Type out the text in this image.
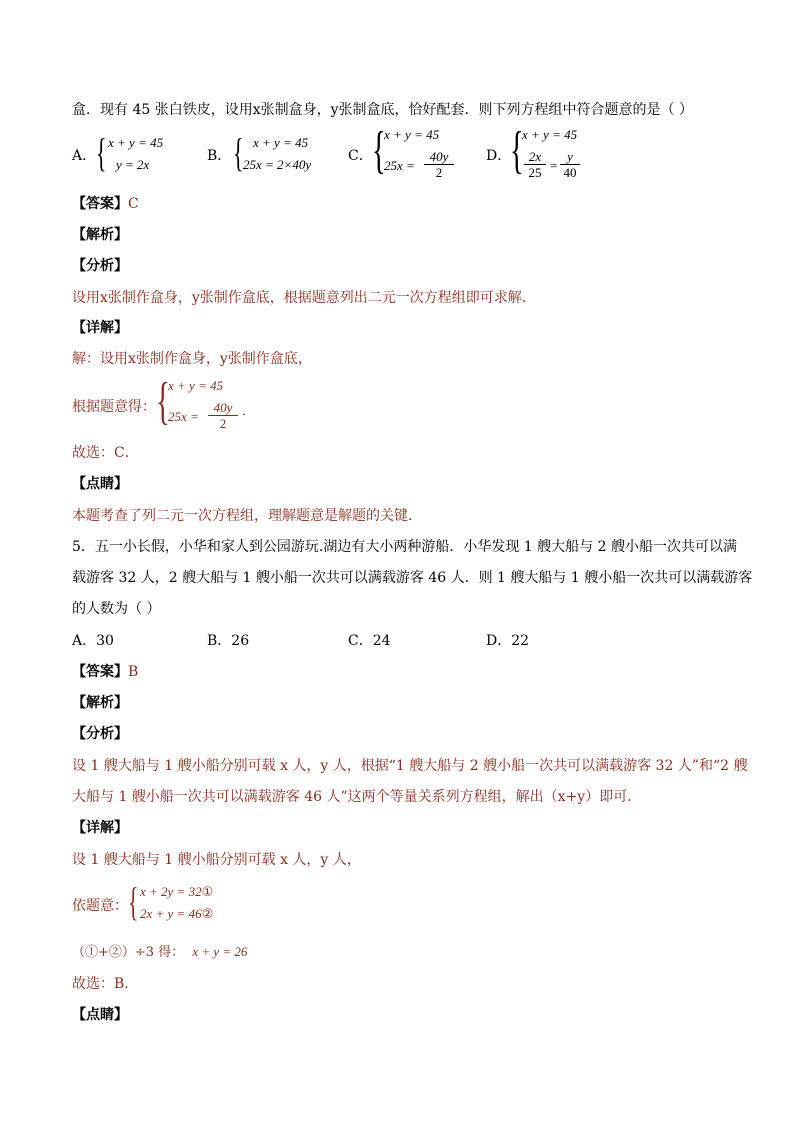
盒．现有 45 张白铁皮，设用x张制盒身，y张制盒底，恰好配套．则下列方程组中符合题意的是（ ）
A． { x + y = 45
y = 2x
B． { x + y = 45
25x = 2×40y
C． {
x + y = 45
$25x = \frac{40y}{2}$ D．
{
x + y = 45
$\frac{2x}{25} = \frac{y}{40}$
【答案】C
【解析】
【分析】
设用x张制作盒身，y张制作盒底，根据题意列出二元一次方程组即可求解．
【详解】
解：设用x张制作盒身，y张制作盒底，
根据题意得： {
x + y = 45
$25x = \frac{40y}{2}$ ．
故选：C．
【点睛】
本题考查了列二元一次方程组，理解题意是解题的关键．
5．五一小长假，小华和家人到公园游玩.湖边有大小两种游船．小华发现 1 艘大船与 2 艘小船一次共可以满
载游客 32 人，2 艘大船与 1 艘小船一次共可以满载游客 46 人．则 1 艘大船与 1 艘小船一次共可以满载游客
的人数为（ ）
A．30	B．26	C．24	D．22
【答案】B
【解析】
【分析】
设 1 艘大船与 1 艘小船分别可载 x 人，y 人，根据“1 艘大船与 2 艘小船一次共可以满载游客 32 人”和“2 艘
大船与 1 艘小船一次共可以满载游客 46 人”这两个等量关系列方程组，解出（x+y）即可．
【详解】
设 1 艘大船与 1 艘小船分别可载 x 人，y 人，
依题意： { x + 2y = 32①
2x + y = 46②
（①+②）÷3 得： x + y = 26
故选：B．
【点睛】
